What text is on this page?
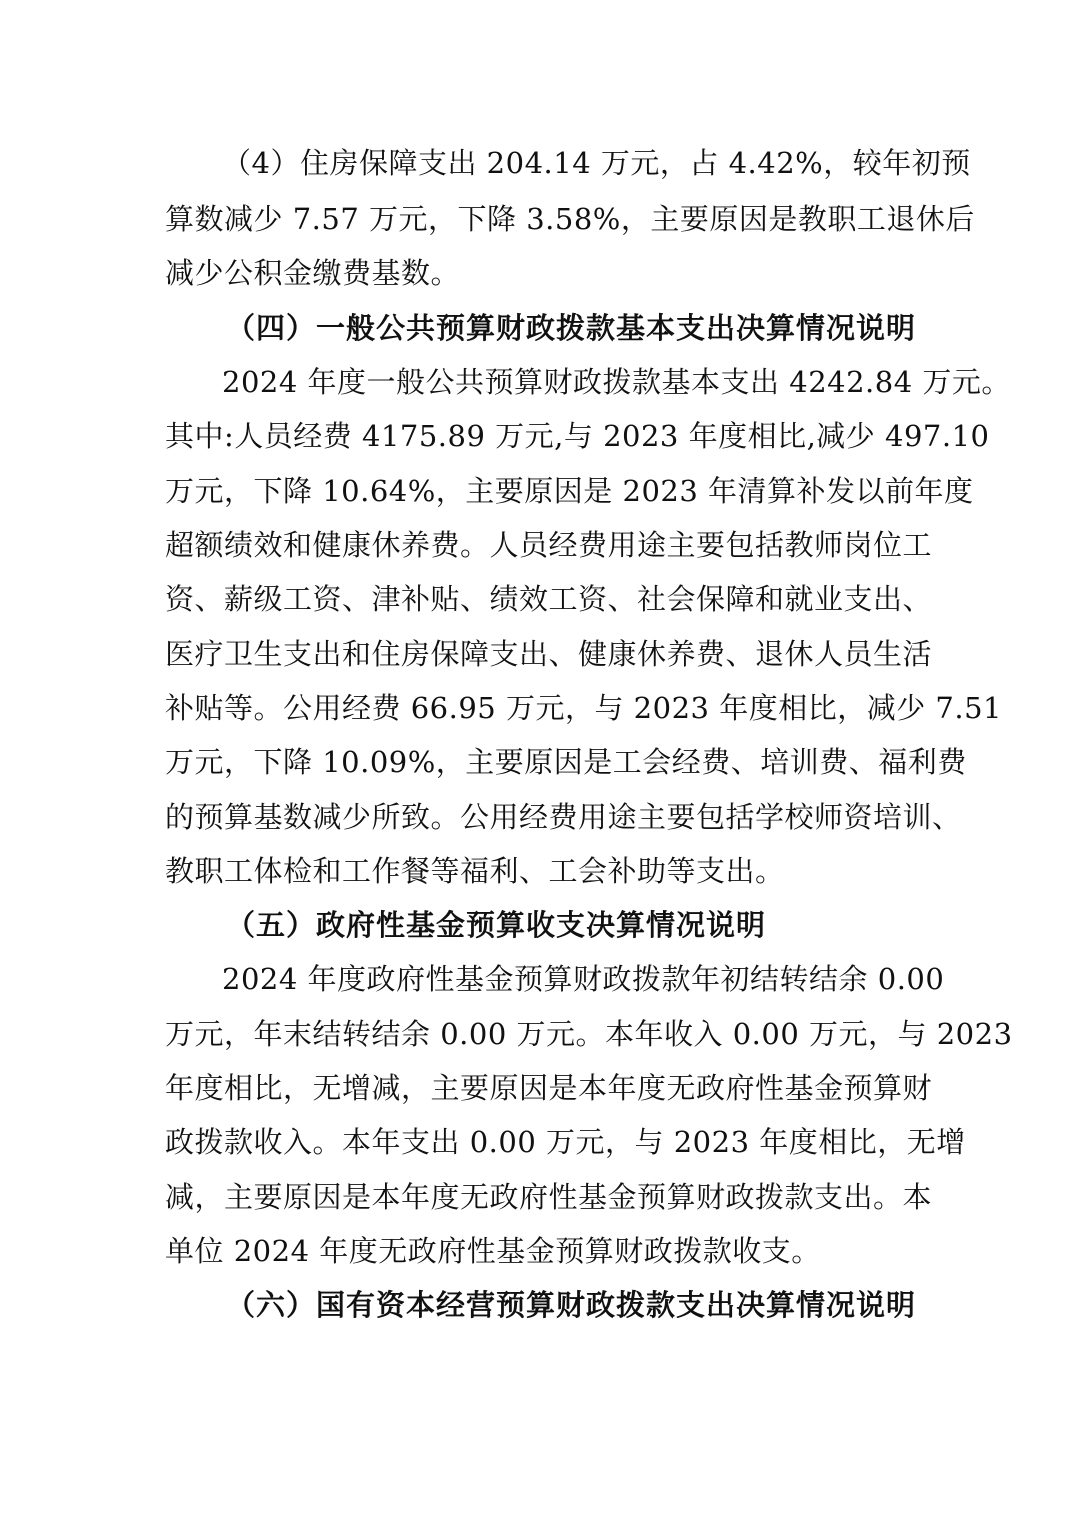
（4）住房保障支出 204.14 万元，占 4.42%，较年初预
算数减少 7.57 万元，下降 3.58%，主要原因是教职工退休后
减少公积金缴费基数。
（四）一般公共预算财政拨款基本支出决算情况说明
2024 年度一般公共预算财政拨款基本支出 4242.84 万元。
其中:人员经费 4175.89 万元,与 2023 年度相比,减少 497.10
万元，下降 10.64%，主要原因是 2023 年清算补发以前年度
超额绩效和健康休养费。人员经费用途主要包括教师岗位工
资、薪级工资、津补贴、绩效工资、社会保障和就业支出、
医疗卫生支出和住房保障支出、健康休养费、退休人员生活
补贴等。公用经费 66.95 万元，与 2023 年度相比，减少 7.51
万元，下降 10.09%，主要原因是工会经费、培训费、福利费
的预算基数减少所致。公用经费用途主要包括学校师资培训、
教职工体检和工作餐等福利、工会补助等支出。
（五）政府性基金预算收支决算情况说明
2024 年度政府性基金预算财政拨款年初结转结余 0.00
万元，年末结转结余 0.00 万元。本年收入 0.00 万元，与 2023
年度相比，无增减，主要原因是本年度无政府性基金预算财
政拨款收入。本年支出 0.00 万元，与 2023 年度相比，无增
减，主要原因是本年度无政府性基金预算财政拨款支出。本
单位 2024 年度无政府性基金预算财政拨款收支。
（六）国有资本经营预算财政拨款支出决算情况说明
